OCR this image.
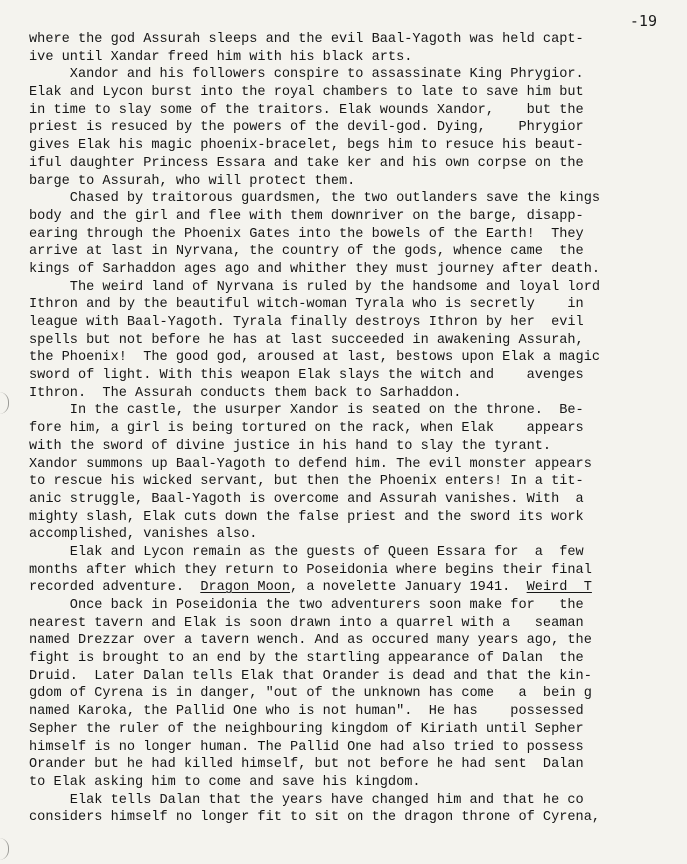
-19
where the god Assurah sleeps and the evil Baal-Yagoth was held capt-
ive until Xandar freed him with his black arts.
Xandor and his followers conspire to assassinate King Phrygior.
Elak and Lycon burst into the royal chambers to late to save him but
in time to slay some of the traitors. Elak wounds Xandor,    but the
priest is resuced by the powers of the devil-god. Dying,    Phrygior
gives Elak his magic phoenix-bracelet, begs him to resuce his beaut-
iful daughter Princess Essara and take ker and his own corpse on the
barge to Assurah, who will protect them.
Chased by traitorous guardsmen, the two outlanders save the kings
body and the girl and flee with them downriver on the barge, disapp-
earing through the Phoenix Gates into the bowels of the Earth!  They
arrive at last in Nyrvana, the country of the gods, whence came  the
kings of Sarhaddon ages ago and whither they must journey after death.
The weird land of Nyrvana is ruled by the handsome and loyal lord
Ithron and by the beautiful witch-woman Tyrala who is secretly    in
league with Baal-Yagoth. Tyrala finally destroys Ithron by her  evil
spells but not before he has at last succeeded in awakening Assurah,
the Phoenix!  The good god, aroused at last, bestows upon Elak a magic
sword of light. With this weapon Elak slays the witch and    avenges
Ithron.  The Assurah conducts them back to Sarhaddon.
In the castle, the usurper Xandor is seated on the throne.  Be-
fore him, a girl is being tortured on the rack, when Elak    appears
with the sword of divine justice in his hand to slay the tyrant.
Xandor summons up Baal-Yagoth to defend him. The evil monster appears
to rescue his wicked servant, but then the Phoenix enters! In a tit-
anic struggle, Baal-Yagoth is overcome and Assurah vanishes. With  a
mighty slash, Elak cuts down the false priest and the sword its work
accomplished, vanishes also.
Elak and Lycon remain as the guests of Queen Essara for  a  few
months after which they return to Poseidonia where begins their final
recorded adventure.  Dragon Moon, a novelette January 1941.  Weird  T
Once back in Poseidonia the two adventurers soon make for   the
nearest tavern and Elak is soon drawn into a quarrel with a   seaman
named Drezzar over a tavern wench. And as occured many years ago, the
fight is brought to an end by the startling appearance of Dalan  the
Druid.  Later Dalan tells Elak that Orander is dead and that the kin-
gdom of Cyrena is in danger, "out of the unknown has come   a  bein g
named Karoka, the Pallid One who is not human".  He has    possessed
Sepher the ruler of the neighbouring kingdom of Kiriath until Sepher
himself is no longer human. The Pallid One had also tried to possess
Orander but he had killed himself, but not before he had sent  Dalan
to Elak asking him to come and save his kingdom.
Elak tells Dalan that the years have changed him and that he co
considers himself no longer fit to sit on the dragon throne of Cyrena,
